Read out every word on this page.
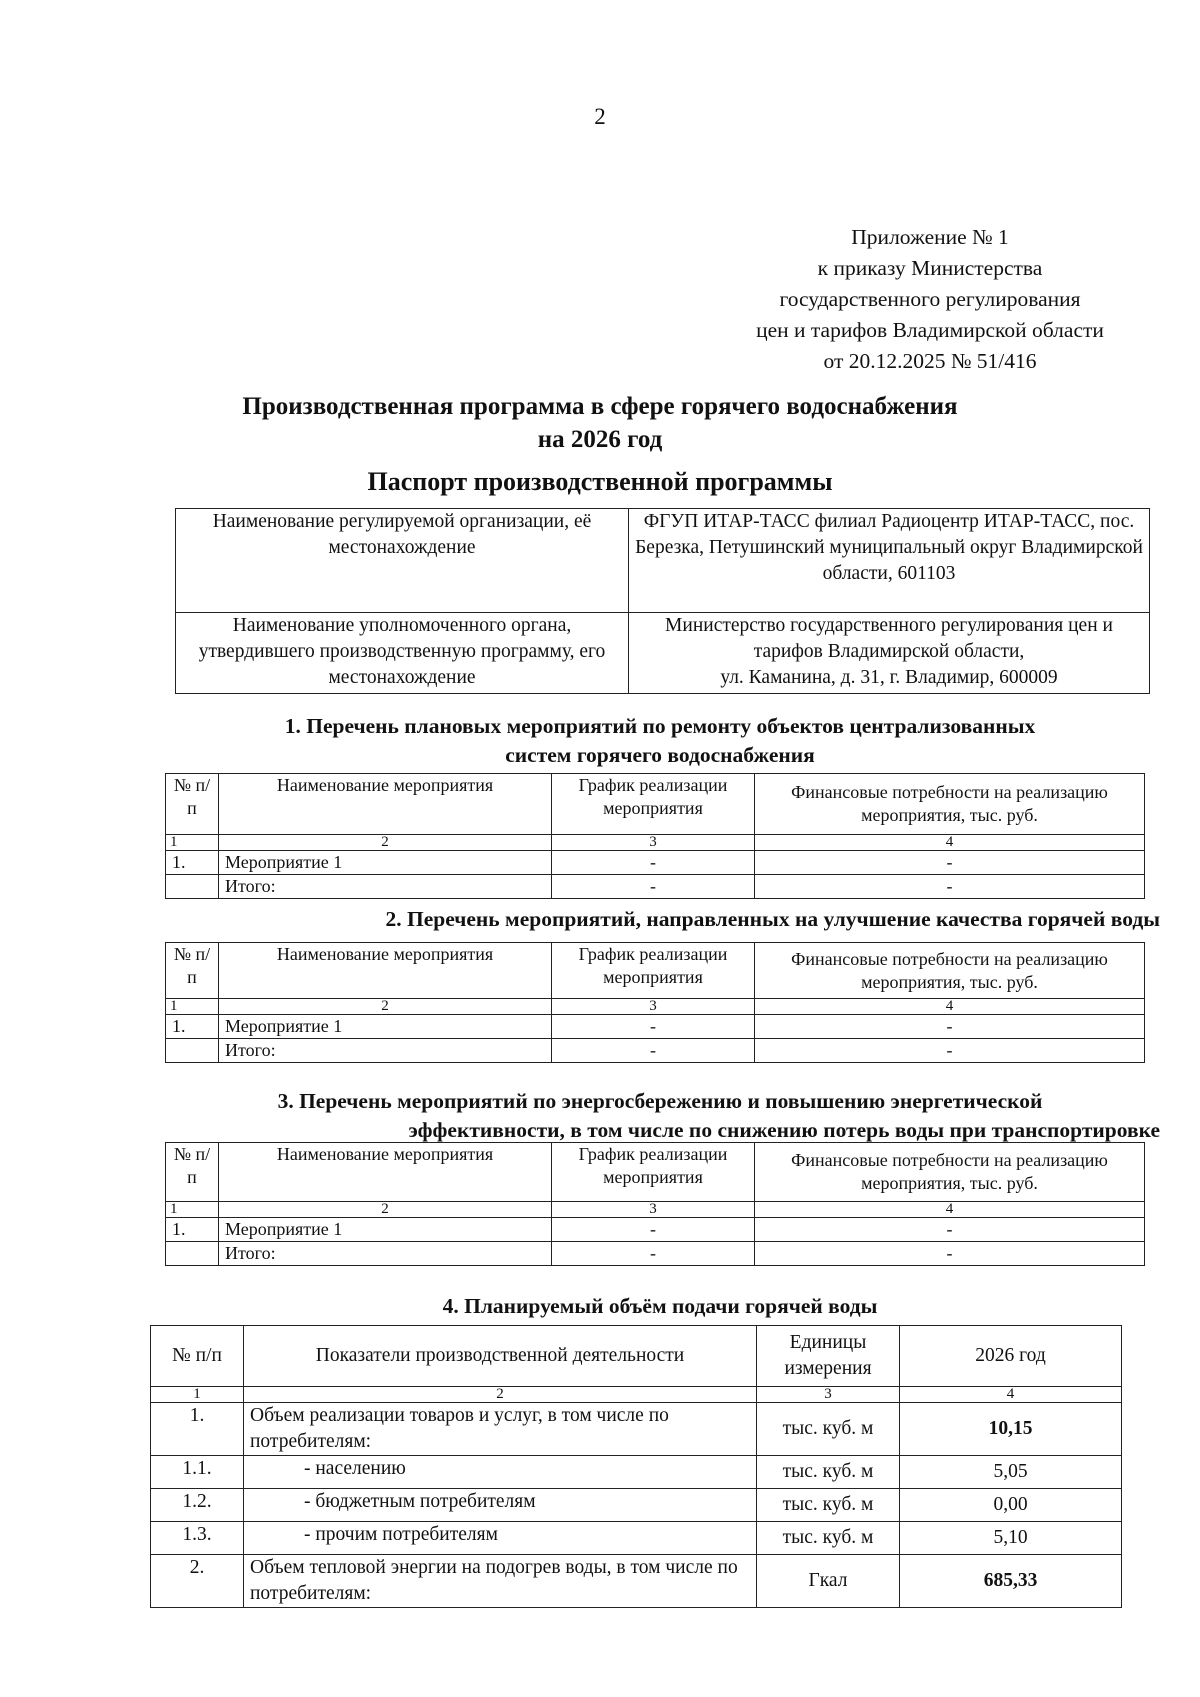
2
Приложение № 1
к приказу Министерства
государственного регулирования
цен и тарифов Владимирской области
от 20.12.2025 № 51/416
Производственная программа в сфере горячего водоснабжения
на 2026 год
Паспорт производственной программы
Наименование регулируемой организации, её местонахождение	ФГУП ИТАР-ТАСС филиал Радиоцентр ИТАР-ТАСС, пос. Березка, Петушинский муниципальный округ Владимирской области, 601103
Наименование уполномоченного органа, утвердившего производственную программу, его местонахождение	Министерство государственного регулирования цен и тарифов Владимирской области,
ул. Каманина, д. 31, г. Владимир, 600009
1. Перечень плановых мероприятий по ремонту объектов централизованных
систем горячего водоснабжения
№ п/п	Наименование мероприятия	График реализации мероприятия	Финансовые потребности на реализацию мероприятия, тыс. руб.
1	2	3	4
1.	Мероприятие 1	-	-
	Итого:	-	-
2. Перечень мероприятий, направленных на улучшение качества горячей воды
№ п/п	Наименование мероприятия	График реализации мероприятия	Финансовые потребности на реализацию мероприятия, тыс. руб.
1	2	3	4
1.	Мероприятие 1	-	-
	Итого:	-	-
3. Перечень мероприятий по энергосбережению и повышению энергетической
эффективности, в том числе по снижению потерь воды при транспортировке
№ п/п	Наименование мероприятия	График реализации мероприятия	Финансовые потребности на реализацию мероприятия, тыс. руб.
1	2	3	4
1.	Мероприятие 1	-	-
	Итого:	-	-
4. Планируемый объём подачи горячей воды
№ п/п	Показатели производственной деятельности	Единицы измерения	2026 год
1	2	3	4
1.	Объем реализации товаров и услуг, в том числе по потребителям:	тыс. куб. м	10,15
1.1.	- населению	тыс. куб. м	5,05
1.2.	- бюджетным потребителям	тыс. куб. м	0,00
1.3.	- прочим потребителям	тыс. куб. м	5,10
2.	Объем тепловой энергии на подогрев воды, в том числе по потребителям:	Гкал	685,33
